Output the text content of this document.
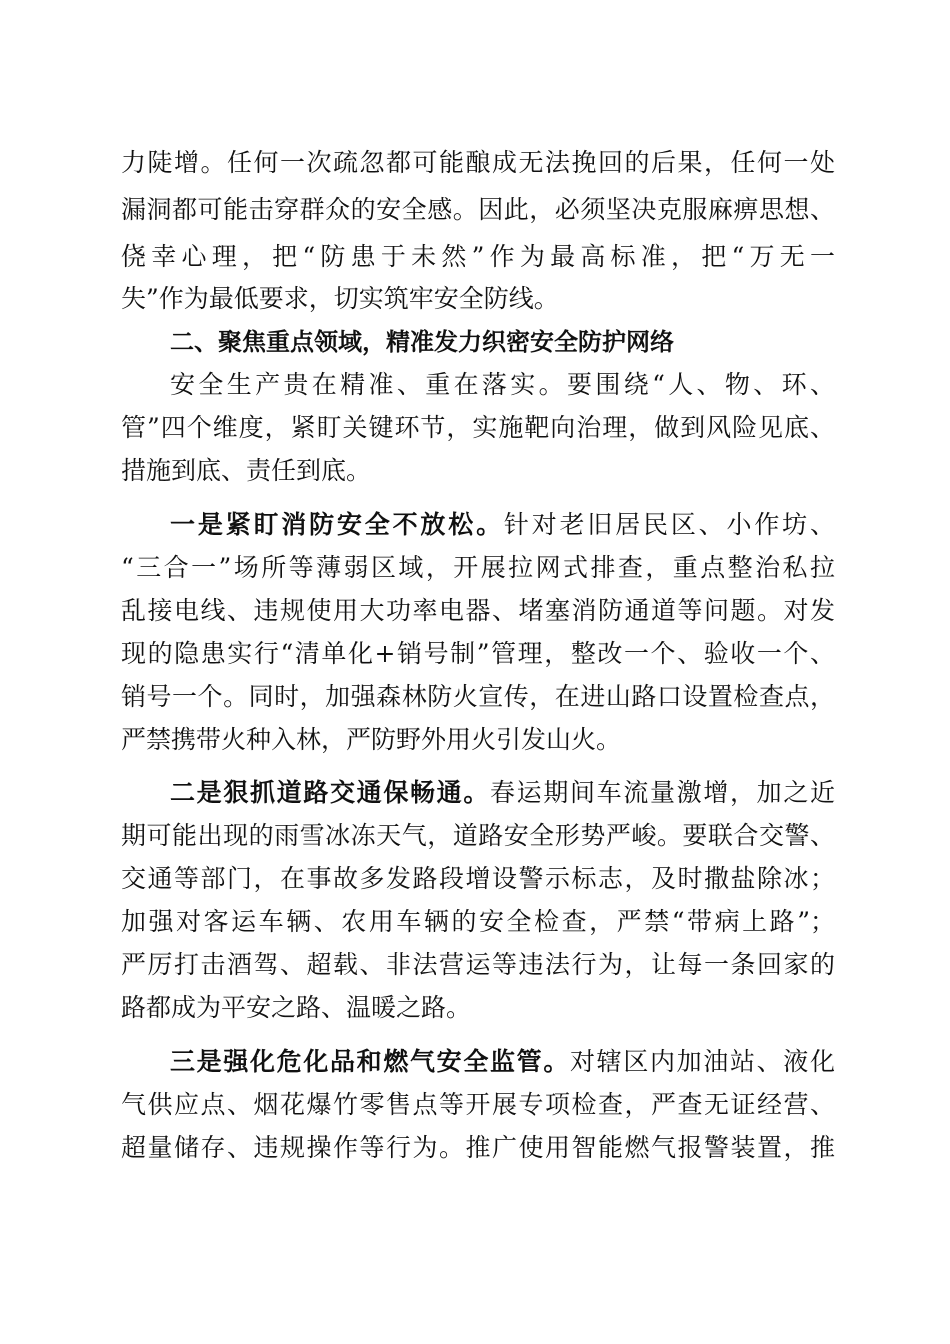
力陡增。任何一次疏忽都可能酿成无法挽回的后果，任何一处

漏洞都可能击穿群众的安全感。因此，必须坚决克服麻痹思想、

侥幸心理，把“防患于未然”作为最高标准，把“万无一

失”作为最低要求，切实筑牢安全防线。

二、聚焦重点领域，精准发力织密安全防护网络

安全生产贵在精准、重在落实。要围绕“人、物、环、

管”四个维度，紧盯关键环节，实施靶向治理，做到风险见底、

措施到底、责任到底。

一是紧盯消防安全不放松。针对老旧居民区、小作坊、

“三合一”场所等薄弱区域，开展拉网式排查，重点整治私拉

乱接电线、违规使用大功率电器、堵塞消防通道等问题。对发

现的隐患实行“清单化+销号制”管理，整改一个、验收一个、

销号一个。同时，加强森林防火宣传，在进山路口设置检查点，

严禁携带火种入林，严防野外用火引发山火。

二是狠抓道路交通保畅通。春运期间车流量激增，加之近

期可能出现的雨雪冰冻天气，道路安全形势严峻。要联合交警、

交通等部门，在事故多发路段增设警示标志，及时撒盐除冰；

加强对客运车辆、农用车辆的安全检查，严禁“带病上路”；

严厉打击酒驾、超载、非法营运等违法行为，让每一条回家的

路都成为平安之路、温暖之路。

三是强化危化品和燃气安全监管。对辖区内加油站、液化

气供应点、烟花爆竹零售点等开展专项检查，严查无证经营、

超量储存、违规操作等行为。推广使用智能燃气报警装置，推
